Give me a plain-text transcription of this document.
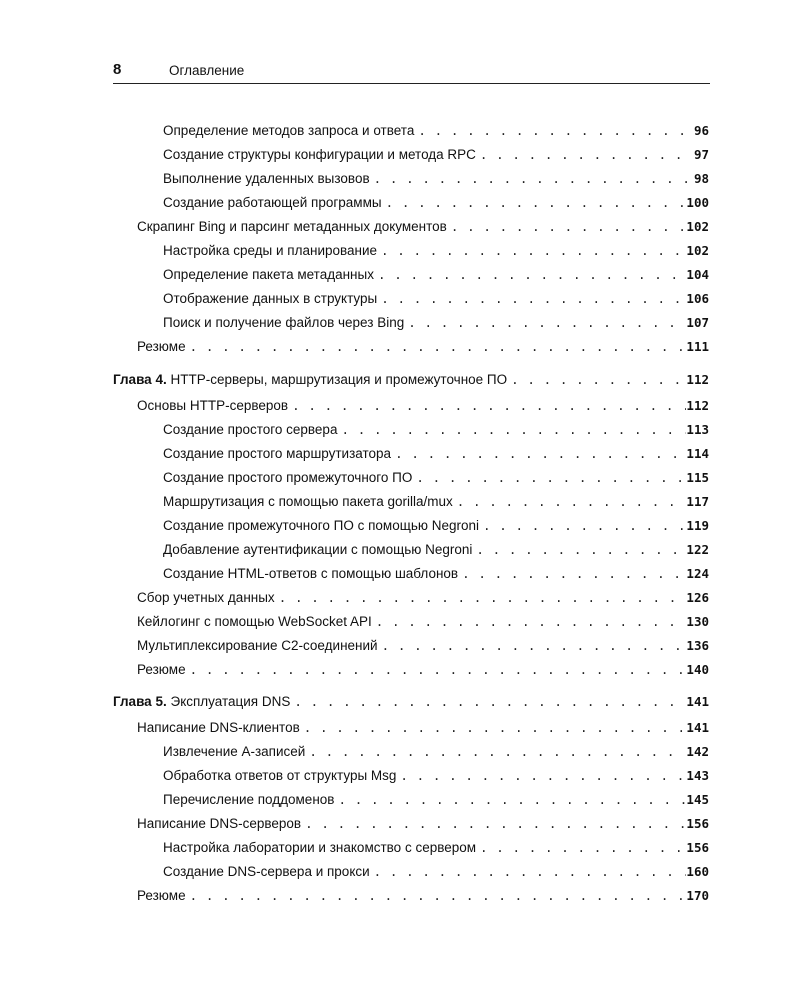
8	Оглавление
Определение методов запроса и ответа . . .	96
Создание структуры конфигурации и метода RPC . . .	97
Выполнение удаленных вызовов . . .	98
Создание работающей программы . . .	100
Скрапинг Bing и парсинг метаданных документов . . .	102
Настройка среды и планирование . . .	102
Определение пакета метаданных . . .	104
Отображение данных в структуры . . .	106
Поиск и получение файлов через Bing . . .	107
Резюме . . .	111
Глава 4. HTTP-серверы, маршрутизация и промежуточное ПО . . .	112
Основы HTTP-серверов . . .	112
Создание простого сервера . . .	113
Создание простого маршрутизатора . . .	114
Создание простого промежуточного ПО . . .	115
Маршрутизация с помощью пакета gorilla/mux . . .	117
Создание промежуточного ПО с помощью Negroni . . .	119
Добавление аутентификации с помощью Negroni . . .	122
Создание HTML-ответов с помощью шаблонов . . .	124
Сбор учетных данных . . .	126
Кейлогинг с помощью WebSocket API . . .	130
Мультиплексирование C2-соединений . . .	136
Резюме . . .	140
Глава 5. Эксплуатация DNS . . .	141
Написание DNS-клиентов . . .	141
Извлечение A-записей . . .	142
Обработка ответов от структуры Msg . . .	143
Перечисление поддоменов . . .	145
Написание DNS-серверов . . .	156
Настройка лаборатории и знакомство с сервером . . .	156
Создание DNS-сервера и прокси . . .	160
Резюме . . .	170
